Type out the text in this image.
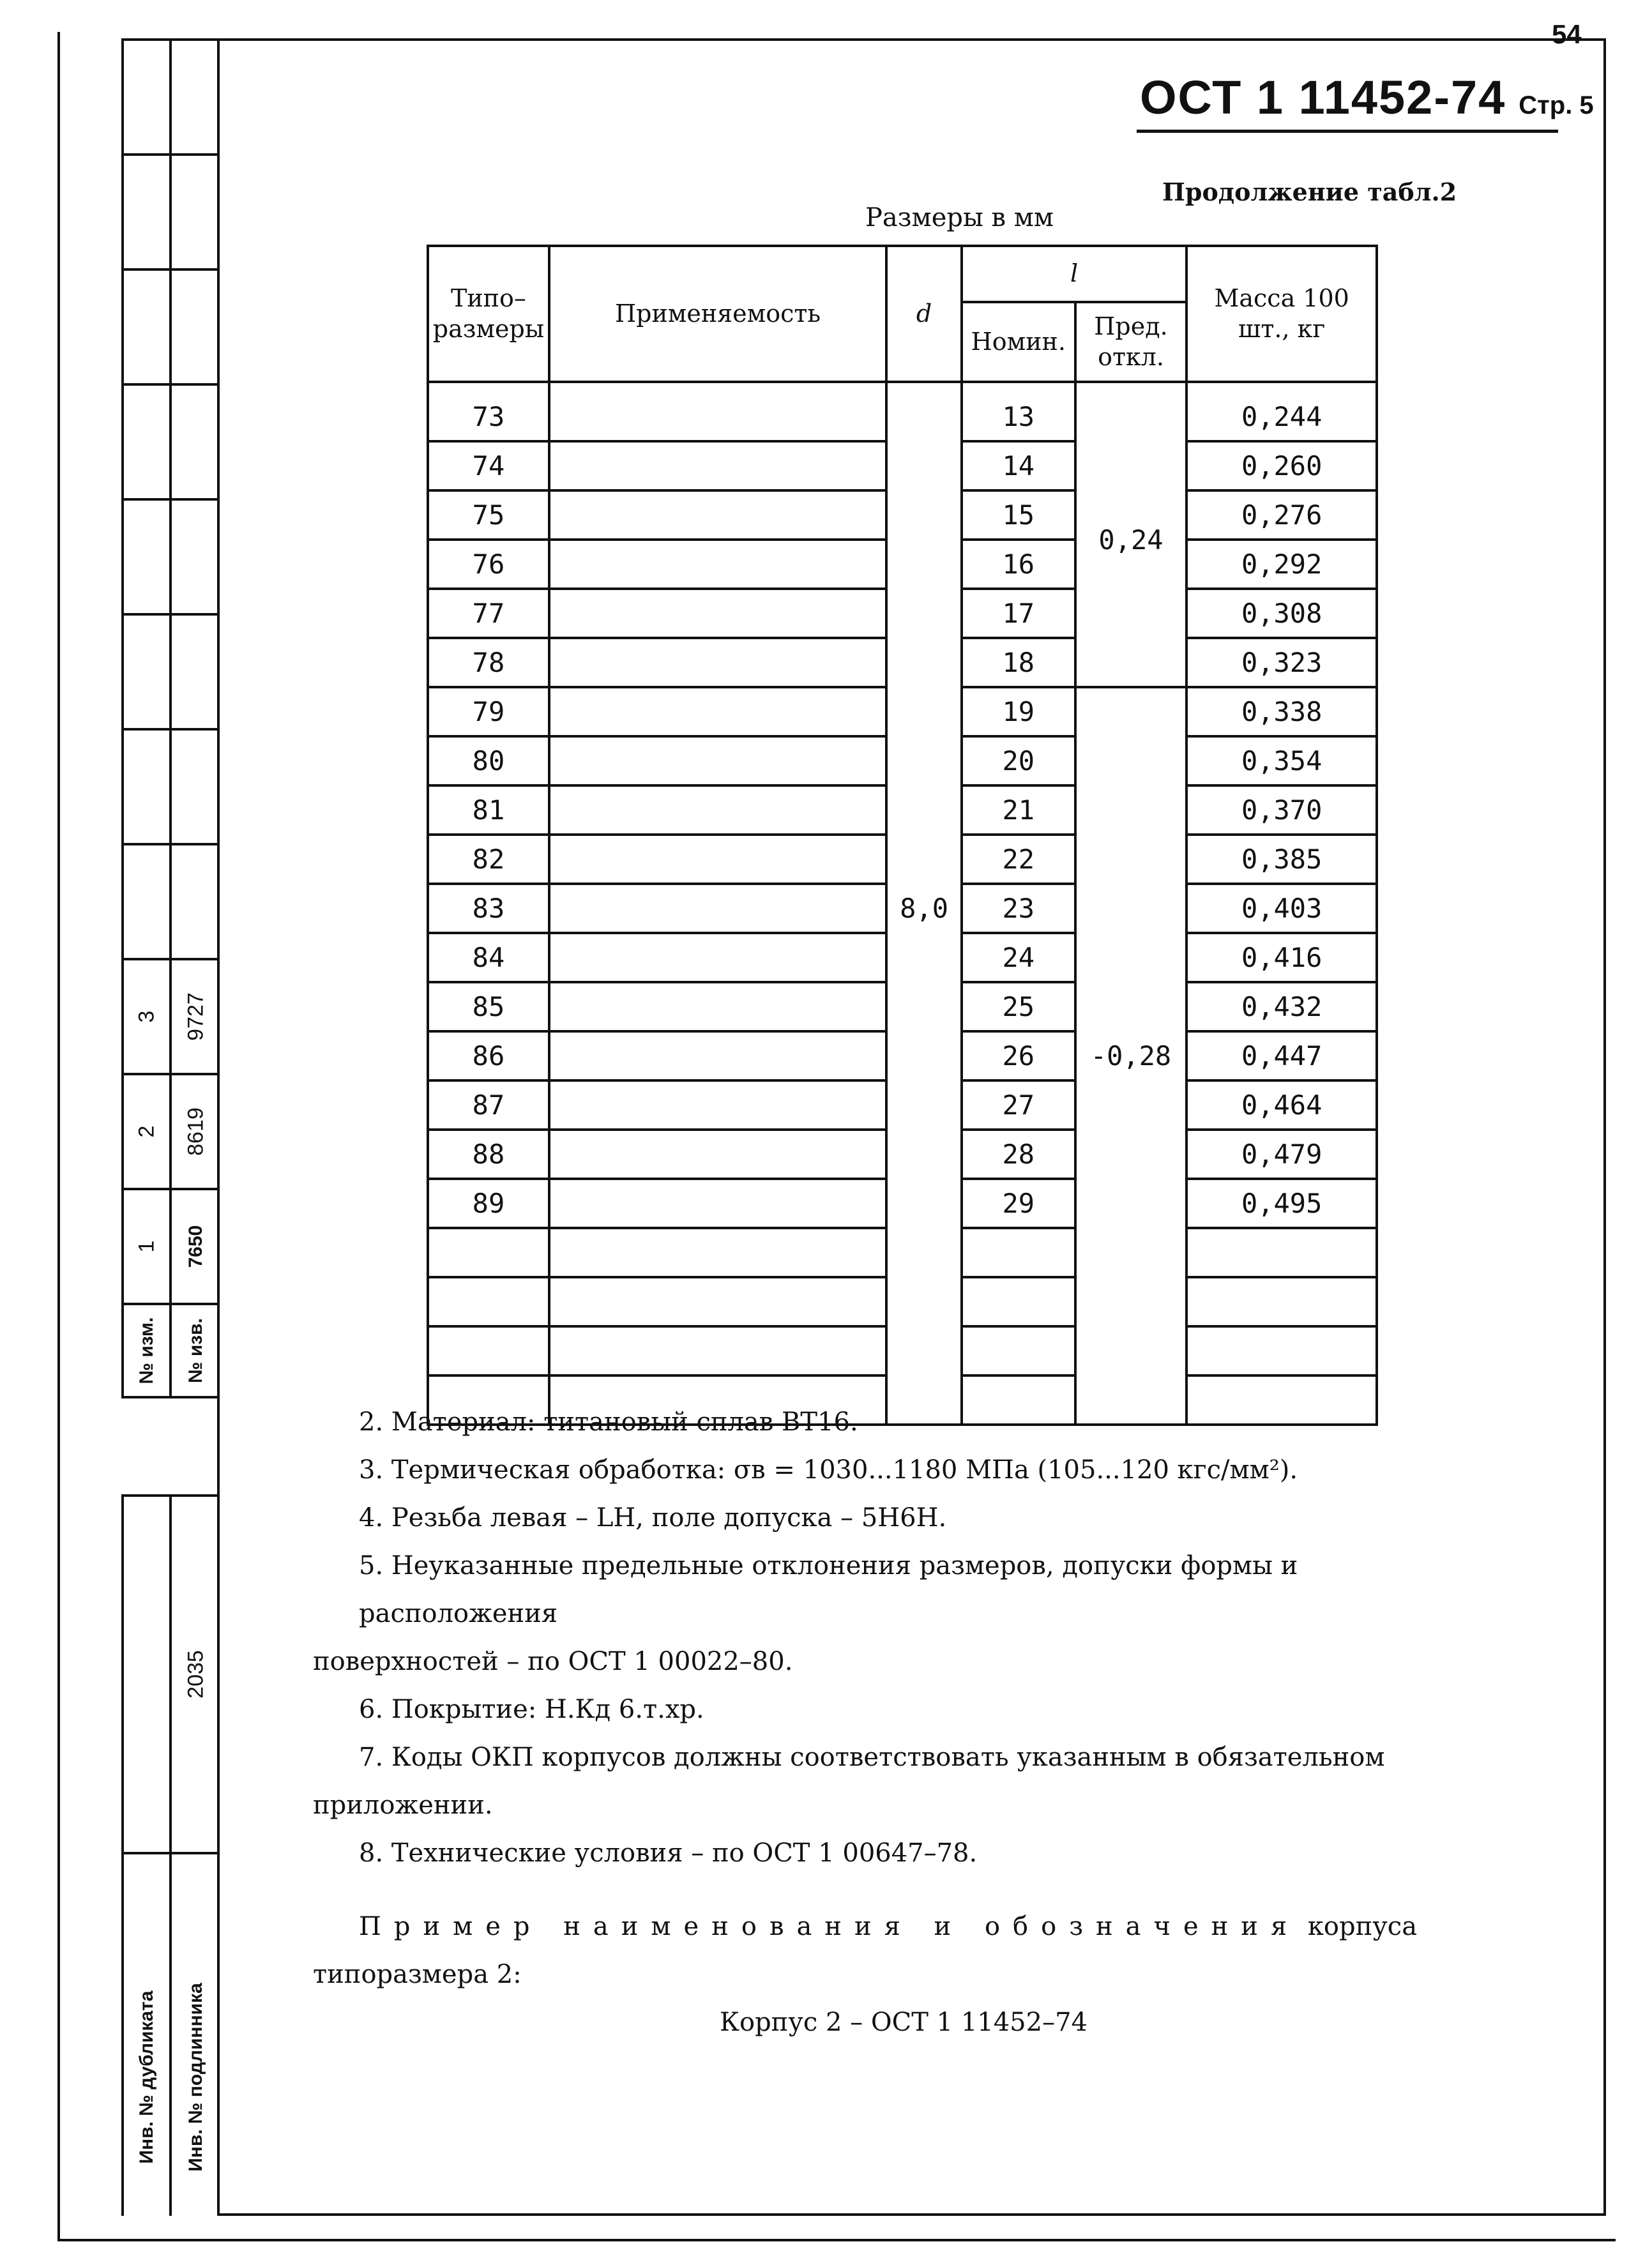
3 9727
2 8619
1 7650
№ изм. № изв.
2035
Инв. № дубликата Инв. № подлинника
54
ОСТ 1 11452-74 Стр. 5
Продолжение табл.2
Размеры в мм
Типо– размеры	Применяемость	d	l		Масса 100 шт., кг
			Номин.	Пред. откл.	
73		8,0	13	0,24	0,244
74			14		0,260
75			15		0,276
76			16		0,292
77			17		0,308
78			18		0,323
79			19	-0,28	0,338
80			20		0,354
81			21		0,370
82			22		0,385
83			23		0,403
84			24		0,416
85			25		0,432
86			26		0,447
87			27		0,464
88			28		0,479
89			29		0,495

2. Материал: титановый сплав ВТ16.

3. Термическая обработка: σв = 1030...1180 МПа (105...120 кгс/мм²).

4. Резьба левая – LH, поле допуска – 5Н6Н.

5. Неуказанные предельные отклонения размеров, допуски формы и расположения

поверхностей – по ОСТ 1 00022–80.

6. Покрытие: Н.Кд 6.т.хр.

7. Коды ОКП корпусов должны соответствовать указанным в обязательном

приложении.

8. Технические условия – по ОСТ 1 00647–78.

Пример наименования и обозначения корпуса

типоразмера 2:

Корпус 2 – ОСТ 1 11452–74
